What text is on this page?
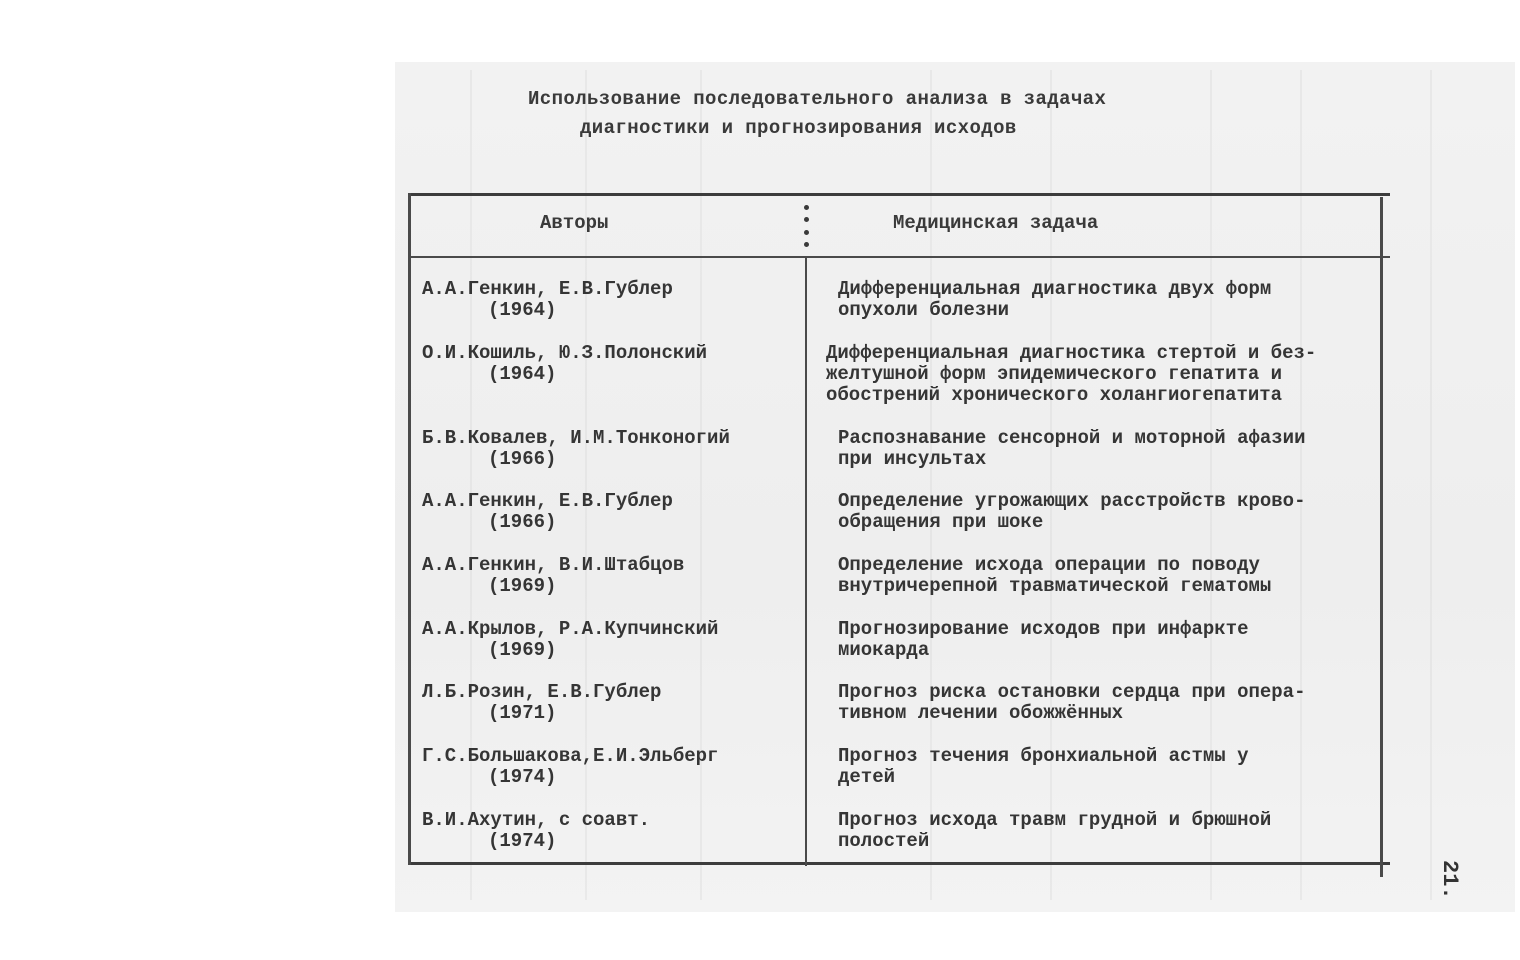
Использование последовательного анализа в задачах
диагностики и прогнозирования исходов
Авторы	Медицинская задача
А.А.Генкин, Е.В.Гублер
(1964)
Дифференциальная диагностика двух форм
опухоли болезни
О.И.Кошиль, Ю.З.Полонский
(1964)
Дифференциальная диагностика стертой и без-
желтушной форм эпидемического гепатита и
обострений хронического холангиогепатита
Б.В.Ковалев, И.М.Тонконогий
(1966)
Распознавание сенсорной и моторной афазии
при инсультах
А.А.Генкин, Е.В.Гублер
(1966)
Определение угрожающих расстройств крово-
обращения при шоке
А.А.Генкин, В.И.Штабцов
(1969)
Определение исхода операции по поводу
внутричерепной травматической гематомы
А.А.Крылов, Р.А.Купчинский
(1969)
Прогнозирование исходов при инфаркте
миокарда
Л.Б.Розин, Е.В.Гублер
(1971)
Прогноз риска остановки сердца при опера-
тивном лечении обожжённых
Г.С.Большакова,Е.И.Эльберг
(1974)
Прогноз течения бронхиальной астмы у
детей
В.И.Ахутин, с соавт.
(1974)
Прогноз исхода травм грудной и брюшной
полостей
21.
